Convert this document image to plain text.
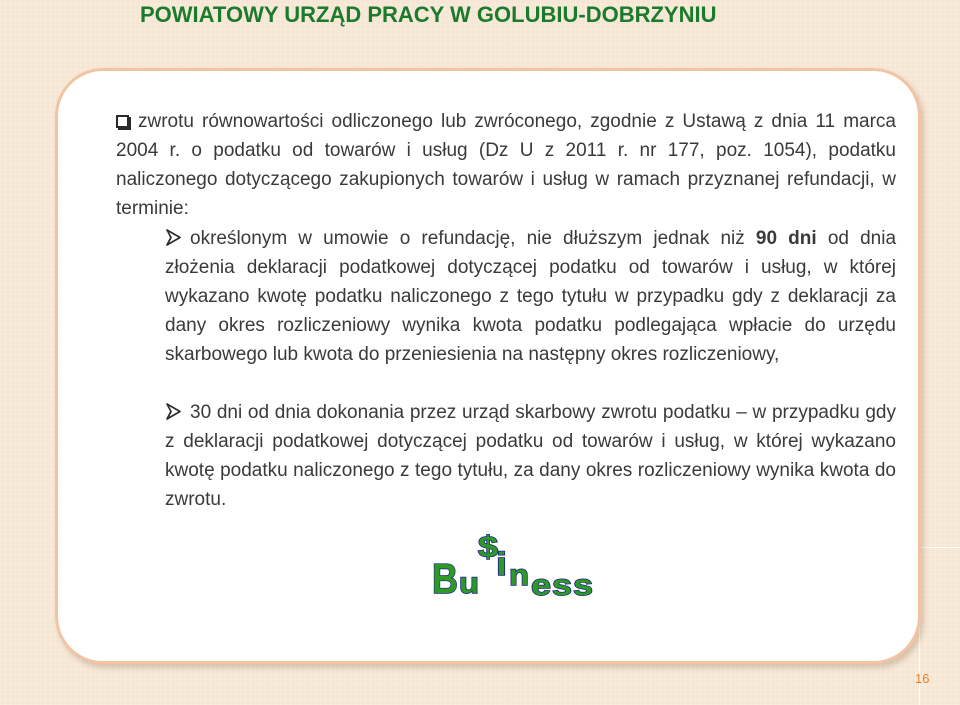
POWIATOWY URZĄD PRACY W GOLUBIU-DOBRZYNIU

zwrotu równowartości odliczonego lub zwróconego, zgodnie z Ustawą z dnia 11 marca 2004 r. o podatku od towarów i usług (Dz U z 2011 r. nr 177, poz. 1054), podatku naliczonego dotyczącego zakupionych towarów i usług w ramach przyznanej refundacji, w terminie:

określonym w umowie o refundację, nie dłuższym jednak niż 90 dni od dnia złożenia deklaracji podatkowej dotyczącej podatku od towarów i usług, w której wykazano kwotę podatku naliczonego z tego tytułu w przypadku gdy z deklaracji za dany okres rozliczeniowy wynika kwota podatku podlegająca wpłacie do urzędu skarbowego lub kwota do przeniesienia na następny okres rozliczeniowy,

30 dni od dnia dokonania przez urząd skarbowy zwrotu podatku – w przypadku gdy z deklaracji podatkowej dotyczącej podatku od towarów i usług, w której wykazano kwotę podatku naliczonego z tego tytułu, za dany okres rozliczeniowy wynika kwota do zwrotu.

B u
$
i n e s s
16
